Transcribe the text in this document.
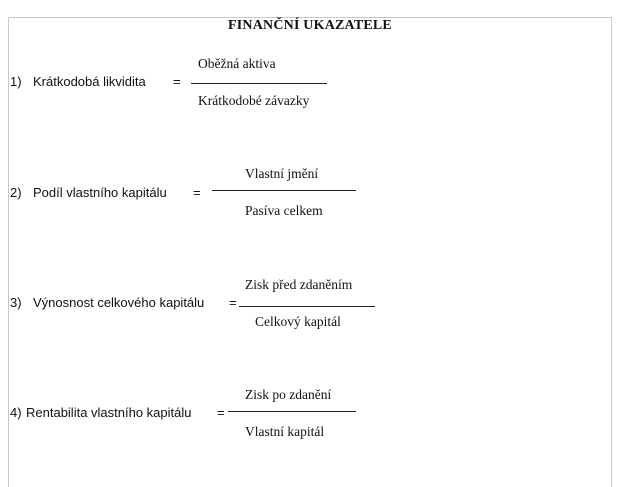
FINANČNÍ UKAZATELE
1) Krátkodobá likvidita =
Oběžná aktiva
Krátkodobé závazky
2) Podíl vlastního kapitálu =
Vlastní jmění
Pasíva celkem
3) Výnosnost celkového kapitálu =
Zisk před zdaněním
Celkový kapitál
4) Rentabilita vlastního kapitálu =
Zisk po zdanění
Vlastní kapitál
